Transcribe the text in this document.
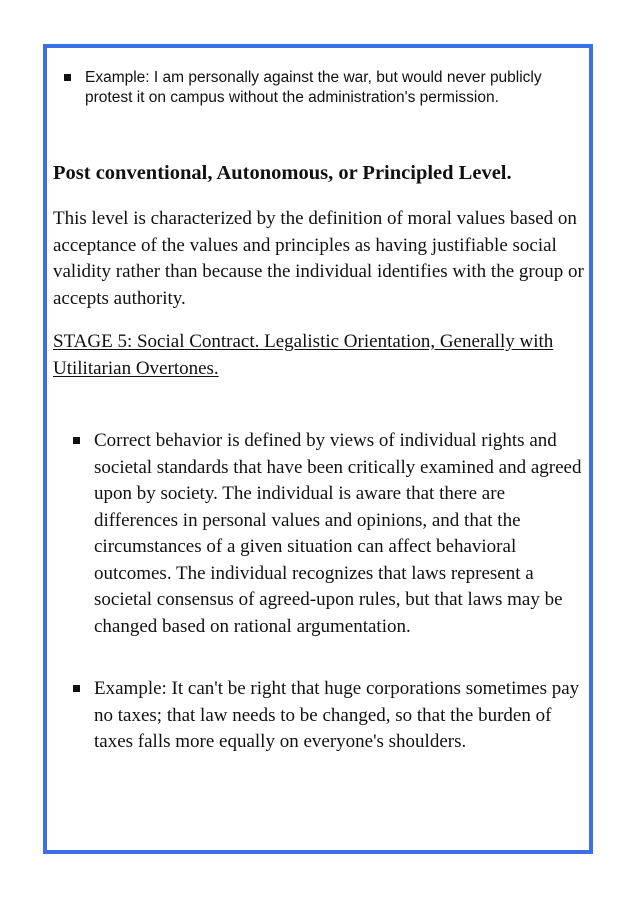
Example: I am personally against the war, but would never publicly protest it on campus without the administration's permission.
Post conventional, Autonomous, or Principled Level.

This level is characterized by the definition of moral values based on acceptance of the values and principles as having justifiable social validity rather than because the individual identifies with the group or accepts authority.

STAGE 5: Social Contract. Legalistic Orientation, Generally with Utilitarian Overtones.

Correct behavior is defined by views of individual rights and societal standards that have been critically examined and agreed upon by society. The individual is aware that there are differences in personal values and opinions, and that the circumstances of a given situation can affect behavioral outcomes. The individual recognizes that laws represent a societal consensus of agreed-upon rules, but that laws may be changed based on rational argumentation.
Example: It can't be right that huge corporations sometimes pay no taxes; that law needs to be changed, so that the burden of taxes falls more equally on everyone's shoulders.
